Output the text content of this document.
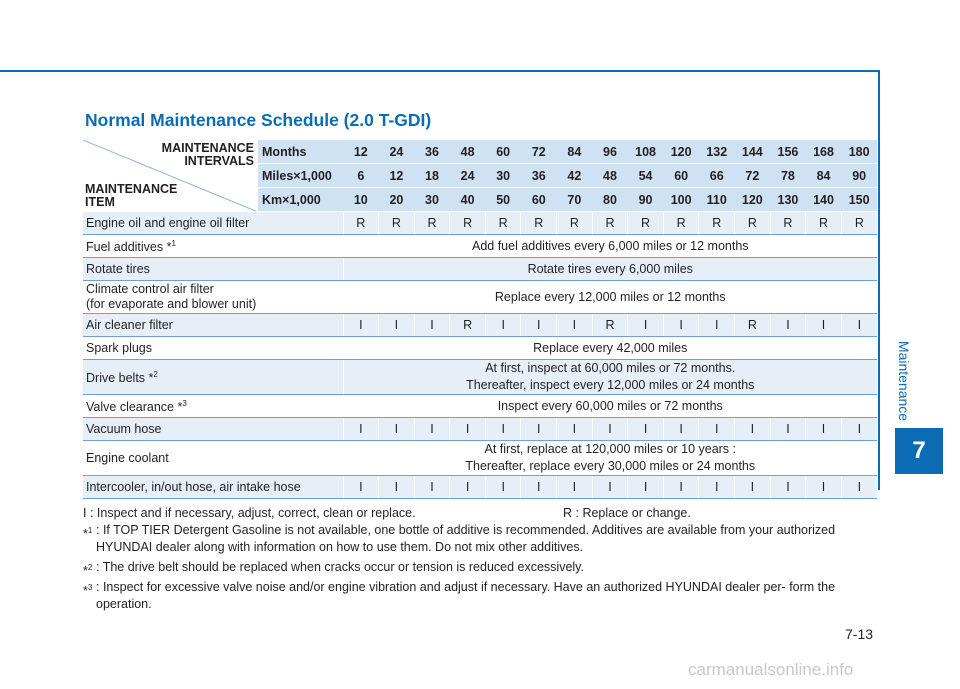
Maintenance
7
Normal Maintenance Schedule (2.0 T-GDI)
MAINTENANCE
INTERVALS
MAINTENANCE
ITEM	Months	12	24	36	48	60	72	84	96	108	120	132	144	156	168	180
	Miles×1,000	6	12	18	24	30	36	42	48	54	60	66	72	78	84	90
	Km×1,000	10	20	30	40	50	60	70	80	90	100	110	120	130	140	150

Engine oil and engine oil filter		R	R	R	R	R	R	R	R	R	R	R	R	R	R	R

Fuel additives *$^1$		Add fuel additives every 6,000 miles or 12 months														

Rotate tires		Rotate tires every 6,000 miles														

Climate control air filter
(for evaporate and blower unit)		Replace every 12,000 miles or 12 months														

Air cleaner filter		I	I	I	R	I	I	I	R	I	I	I	R	I	I	I

Spark plugs		Replace every 42,000 miles														

Drive belts *$^2$		At first, inspect at 60,000 miles or 72 months.
Thereafter, inspect every 12,000 miles or 24 months														

Valve clearance *$^3$		Inspect every 60,000 miles or 72 months														

Vacuum hose		I	I	I	I	I	I	I	I	I	I	I	I	I	I	I

Engine coolant		At first, replace at 120,000 miles or 10 years :
Thereafter, replace every 30,000 miles or 24 months														

Intercooler, in/out hose, air intake hose		I	I	I	I	I	I	I	I	I	I	I	I	I	I	I
I : Inspect and if necessary, adjust, correct, clean or replace.	R : Replace or change.
*$^1$ : If TOP TIER Detergent Gasoline is not available, one bottle of additive is recommended. Additives are available from your authorized HYUNDAI dealer along with information on how to use them. Do not mix other additives.
*$^2$ : The drive belt should be replaced when cracks occur or tension is reduced excessively.
*$^3$ : Inspect for excessive valve noise and/or engine vibration and adjust if necessary. Have an authorized HYUNDAI dealer per- form the operation.
7-13
carmanualsonline.info
